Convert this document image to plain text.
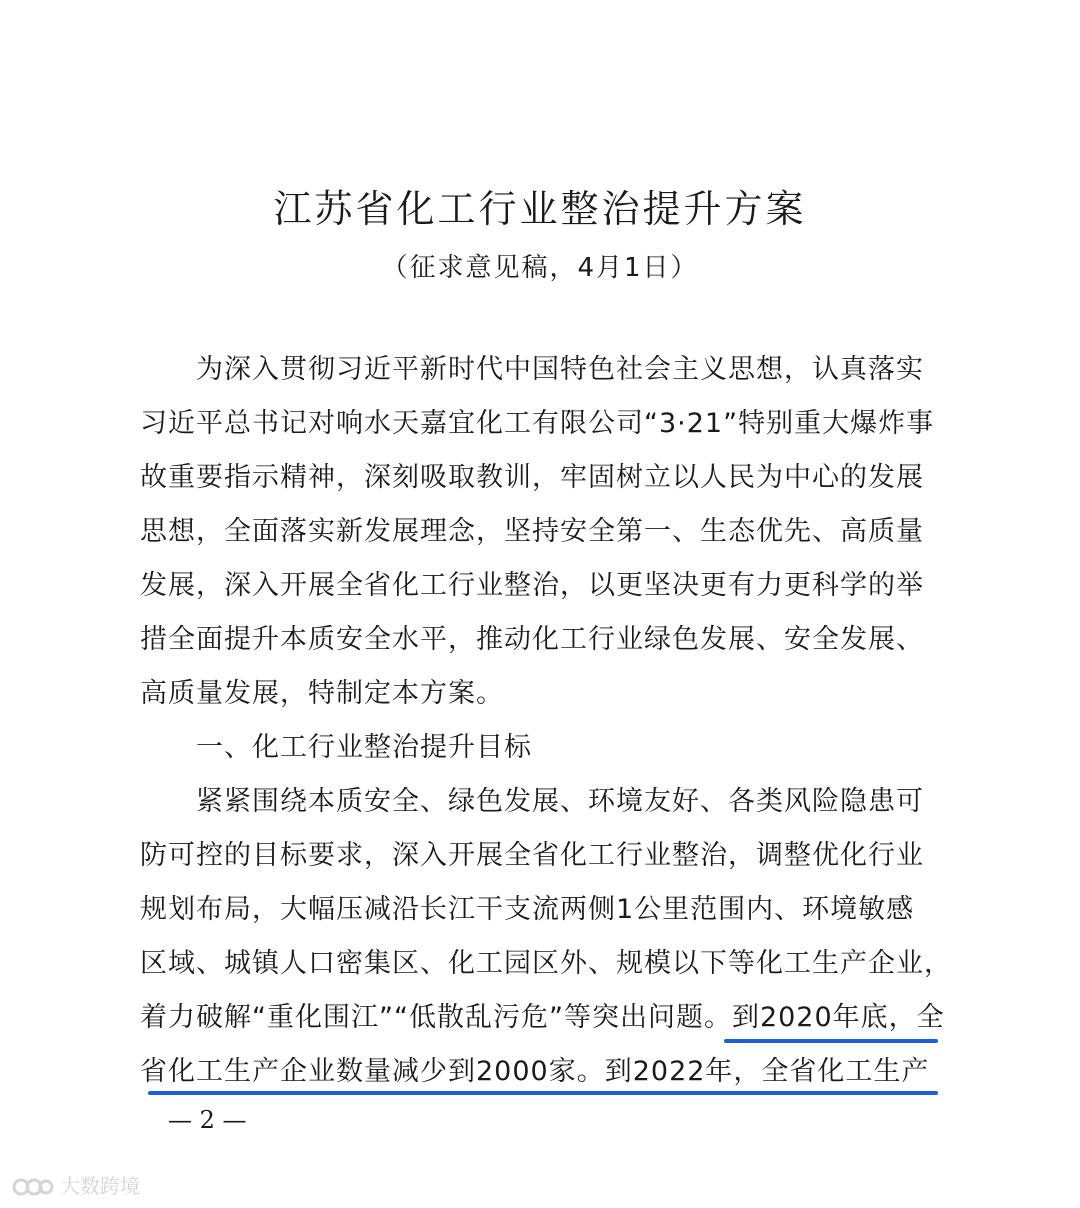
江苏省化工行业整治提升方案
（征求意见稿，4月1日）
为深入贯彻习近平新时代中国特色社会主义思想，认真落实
习近平总书记对响水天嘉宜化工有限公司“3·21”特别重大爆炸事
故重要指示精神，深刻吸取教训，牢固树立以人民为中心的发展
思想，全面落实新发展理念，坚持安全第一、生态优先、高质量
发展，深入开展全省化工行业整治，以更坚决更有力更科学的举
措全面提升本质安全水平，推动化工行业绿色发展、安全发展、
高质量发展，特制定本方案。
一、化工行业整治提升目标
紧紧围绕本质安全、绿色发展、环境友好、各类风险隐患可
防可控的目标要求，深入开展全省化工行业整治，调整优化行业
规划布局，大幅压减沿长江干支流两侧1公里范围内、环境敏感
区域、城镇人口密集区、化工园区外、规模以下等化工生产企业，
着力破解“重化围江”“低散乱污危”等突出问题。到2020年底，全
省化工生产企业数量减少到2000家。到2022年，全省化工生产
— 2 —
大数跨境
